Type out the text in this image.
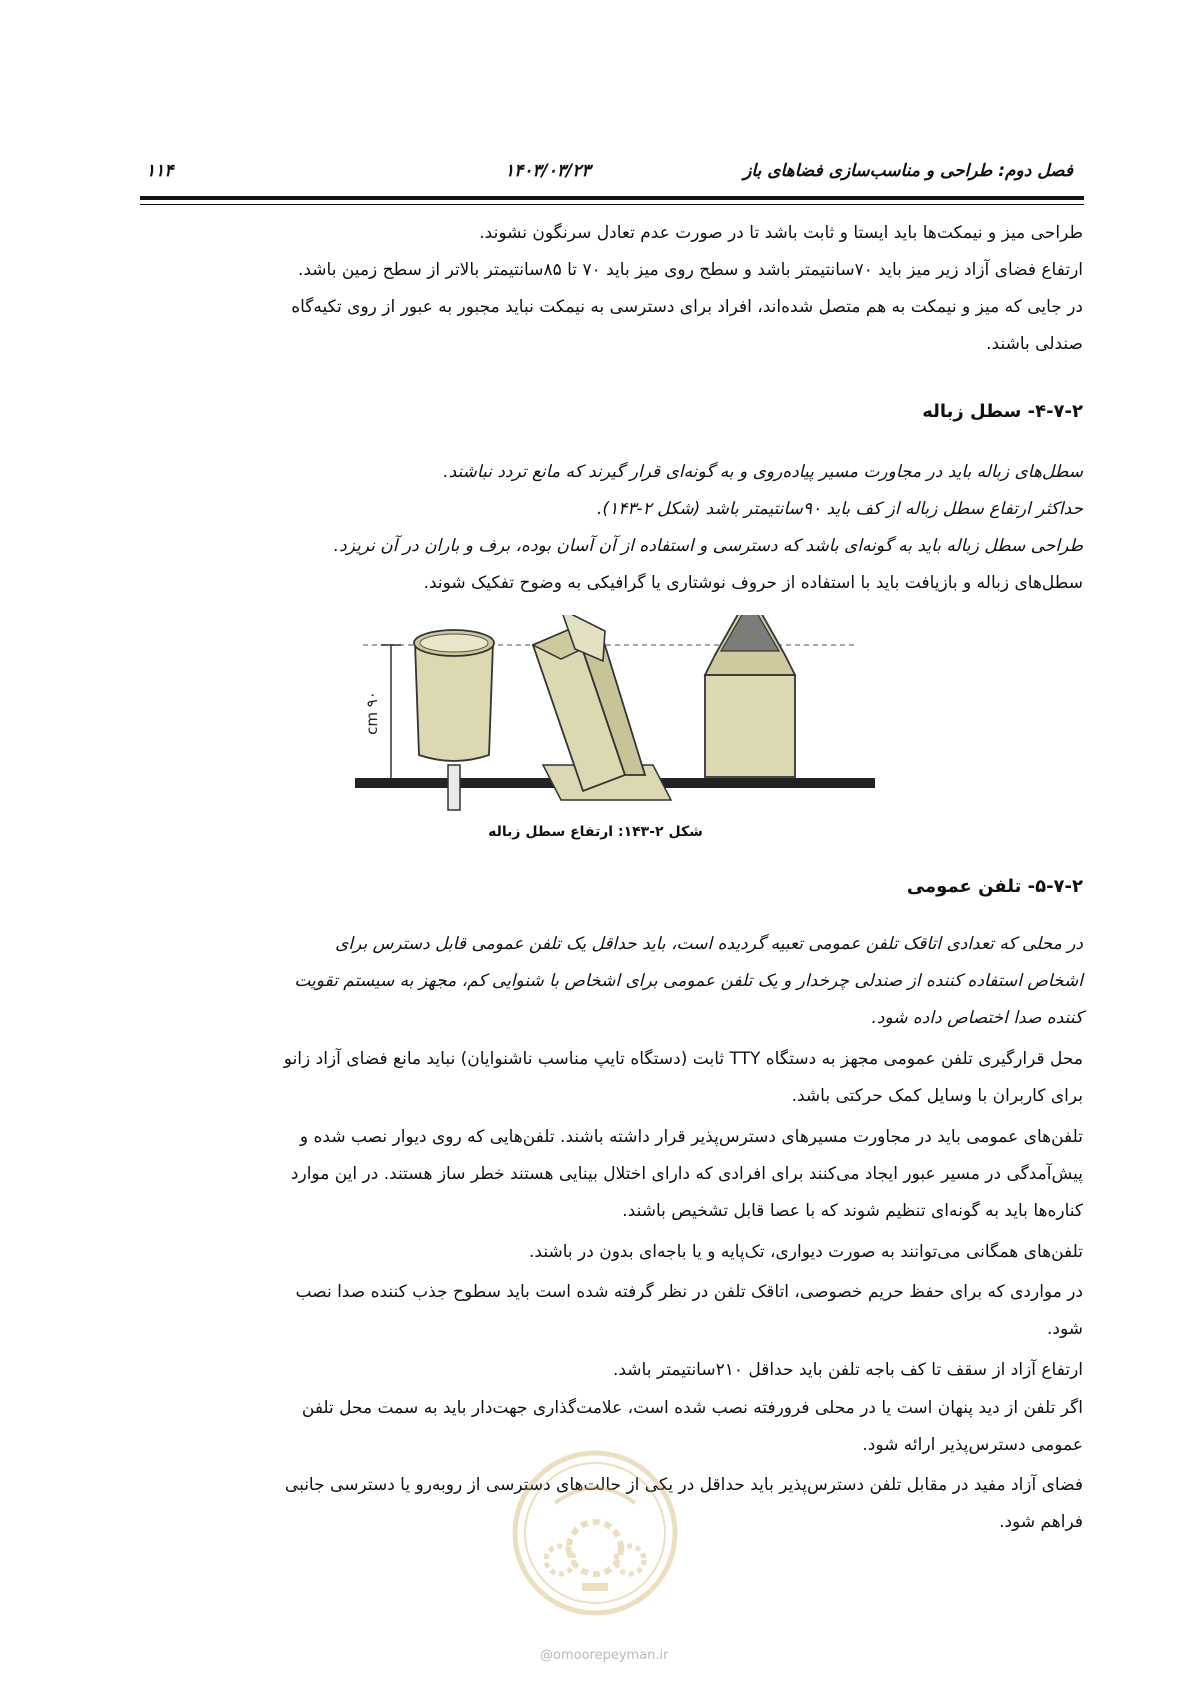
فصل دوم: طراحی و مناسب‌سازی فضاهای باز
۱۴۰۳/۰۳/۲۳
۱۱۴
طراحی میز و نیمکت‌ها باید ایستا و ثابت باشد تا در صورت عدم تعادل سرنگون نشوند.
ارتفاع فضای آزاد زیر میز باید ۷۰سانتیمتر باشد و سطح روی میز باید ۷۰ تا ۸۵سانتیمتر بالاتر از سطح زمین باشد.
در جایی که میز و نیمکت به هم متصل شده‌اند، افراد برای دسترسی به نیمکت نباید مجبور به عبور از روی تکیه‌گاه
صندلی باشند.
۴-۷-۲- سطل زباله
سطل‌های زباله باید در مجاورت مسیر پیاده‌روی و به گونه‌ای قرار گیرند که مانع تردد نباشند.
حداکثر ارتفاع سطل زباله از کف باید ۹۰سانتیمتر باشد (شکل ۲-۱۴۳).
طراحی سطل زباله باید به گونه‌ای باشد که دسترسی و استفاده از آن آسان بوده، برف و باران در آن نریزد.
سطل‌های زباله و بازیافت باید با استفاده از حروف نوشتاری یا گرافیکی به وضوح تفکیک شوند.
۹۰ cm
شکل ۲-۱۴۳: ارتفاع سطل زباله
۵-۷-۲- تلفن عمومی
در محلی که تعدادی اتاقک تلفن عمومی تعبیه گردیده است، باید حداقل یک تلفن عمومی قابل دسترس برای
اشخاص استفاده کننده از صندلی چرخدار و یک تلفن عمومی برای اشخاص با شنوایی کم، مجهز به سیستم تقویت
کننده صدا اختصاص داده شود.
محل قرارگیری تلفن عمومی مجهز به دستگاه TTY ثابت (دستگاه تایپ مناسب ناشنوایان) نباید مانع فضای آزاد زانو
برای کاربران با وسایل کمک حرکتی باشد.
تلفن‌های عمومی باید در مجاورت مسیرهای دسترس‌پذیر قرار داشته باشند. تلفن‌هایی که روی دیوار نصب شده و
پیش‌آمدگی در مسیر عبور ایجاد می‌کنند برای افرادی که دارای اختلال بینایی هستند خطر ساز هستند. در این موارد
کناره‌ها باید به گونه‌ای تنظیم شوند که با عصا قابل تشخیص باشند.
تلفن‌های همگانی می‌توانند به صورت دیواری، تک‌پایه و یا باجه‌ای بدون در باشند.
در مواردی که برای حفظ حریم خصوصی، اتاقک تلفن در نظر گرفته شده است باید سطوح جذب کننده صدا نصب
شود.
ارتفاع آزاد از سقف تا کف باجه تلفن باید حداقل ۲۱۰سانتیمتر باشد.
اگر تلفن از دید پنهان است یا در محلی فرورفته نصب شده است، علامت‌گذاری جهت‌دار باید به سمت محل تلفن
عمومی دسترس‌پذیر ارائه شود.
فضای آزاد مفید در مقابل تلفن دسترس‌پذیر باید حداقل در یکی از حالت‌های دسترسی از روبه‌رو یا دسترسی جانبی
فراهم شود.
@omoorepeyman.ir
